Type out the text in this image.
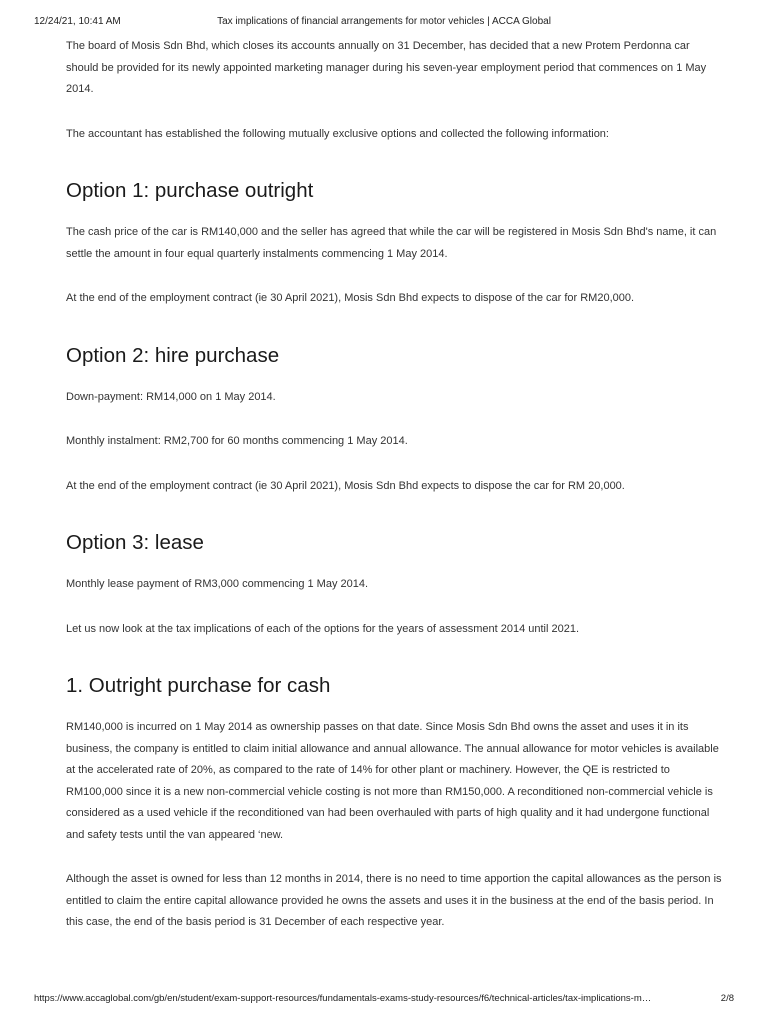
12/24/21, 10:41 AM	Tax implications of financial arrangements for motor vehicles | ACCA Global

The board of Mosis Sdn Bhd, which closes its accounts annually on 31 December, has decided that a new Protem Perdonna car should be provided for its newly appointed marketing manager during his seven-year employment period that commences on 1 May 2014.

The accountant has established the following mutually exclusive options and collected the following information:

Option 1: purchase outright

The cash price of the car is RM140,000 and the seller has agreed that while the car will be registered in Mosis Sdn Bhd's name, it can settle the amount in four equal quarterly instalments commencing 1 May 2014.

At the end of the employment contract (ie 30 April 2021), Mosis Sdn Bhd expects to dispose of the car for RM20,000.

Option 2: hire purchase

Down-payment: RM14,000 on 1 May 2014.

Monthly instalment: RM2,700 for 60 months commencing 1 May 2014.

At the end of the employment contract (ie 30 April 2021), Mosis Sdn Bhd expects to dispose the car for RM 20,000.

Option 3: lease

Monthly lease payment of RM3,000 commencing 1 May 2014.

Let us now look at the tax implications of each of the options for the years of assessment 2014 until 2021.

1. Outright purchase for cash

RM140,000 is incurred on 1 May 2014 as ownership passes on that date. Since Mosis Sdn Bhd owns the asset and uses it in its business, the company is entitled to claim initial allowance and annual allowance. The annual allowance for motor vehicles is available at the accelerated rate of 20%, as compared to the rate of 14% for other plant or machinery. However, the QE is restricted to RM100,000 since it is a new non-commercial vehicle costing is not more than RM150,000. A reconditioned non-commercial vehicle is considered as a used vehicle if the reconditioned van had been overhauled with parts of high quality and it had undergone functional and safety tests until the van appeared ‘new.

Although the asset is owned for less than 12 months in 2014, there is no need to time apportion the capital allowances as the person is entitled to claim the entire capital allowance provided he owns the assets and uses it in the business at the end of the basis period. In this case, the end of the basis period is 31 December of each respective year.

https://www.accaglobal.com/gb/en/student/exam-support-resources/fundamentals-exams-study-resources/f6/technical-articles/tax-implications-m…	2/8
